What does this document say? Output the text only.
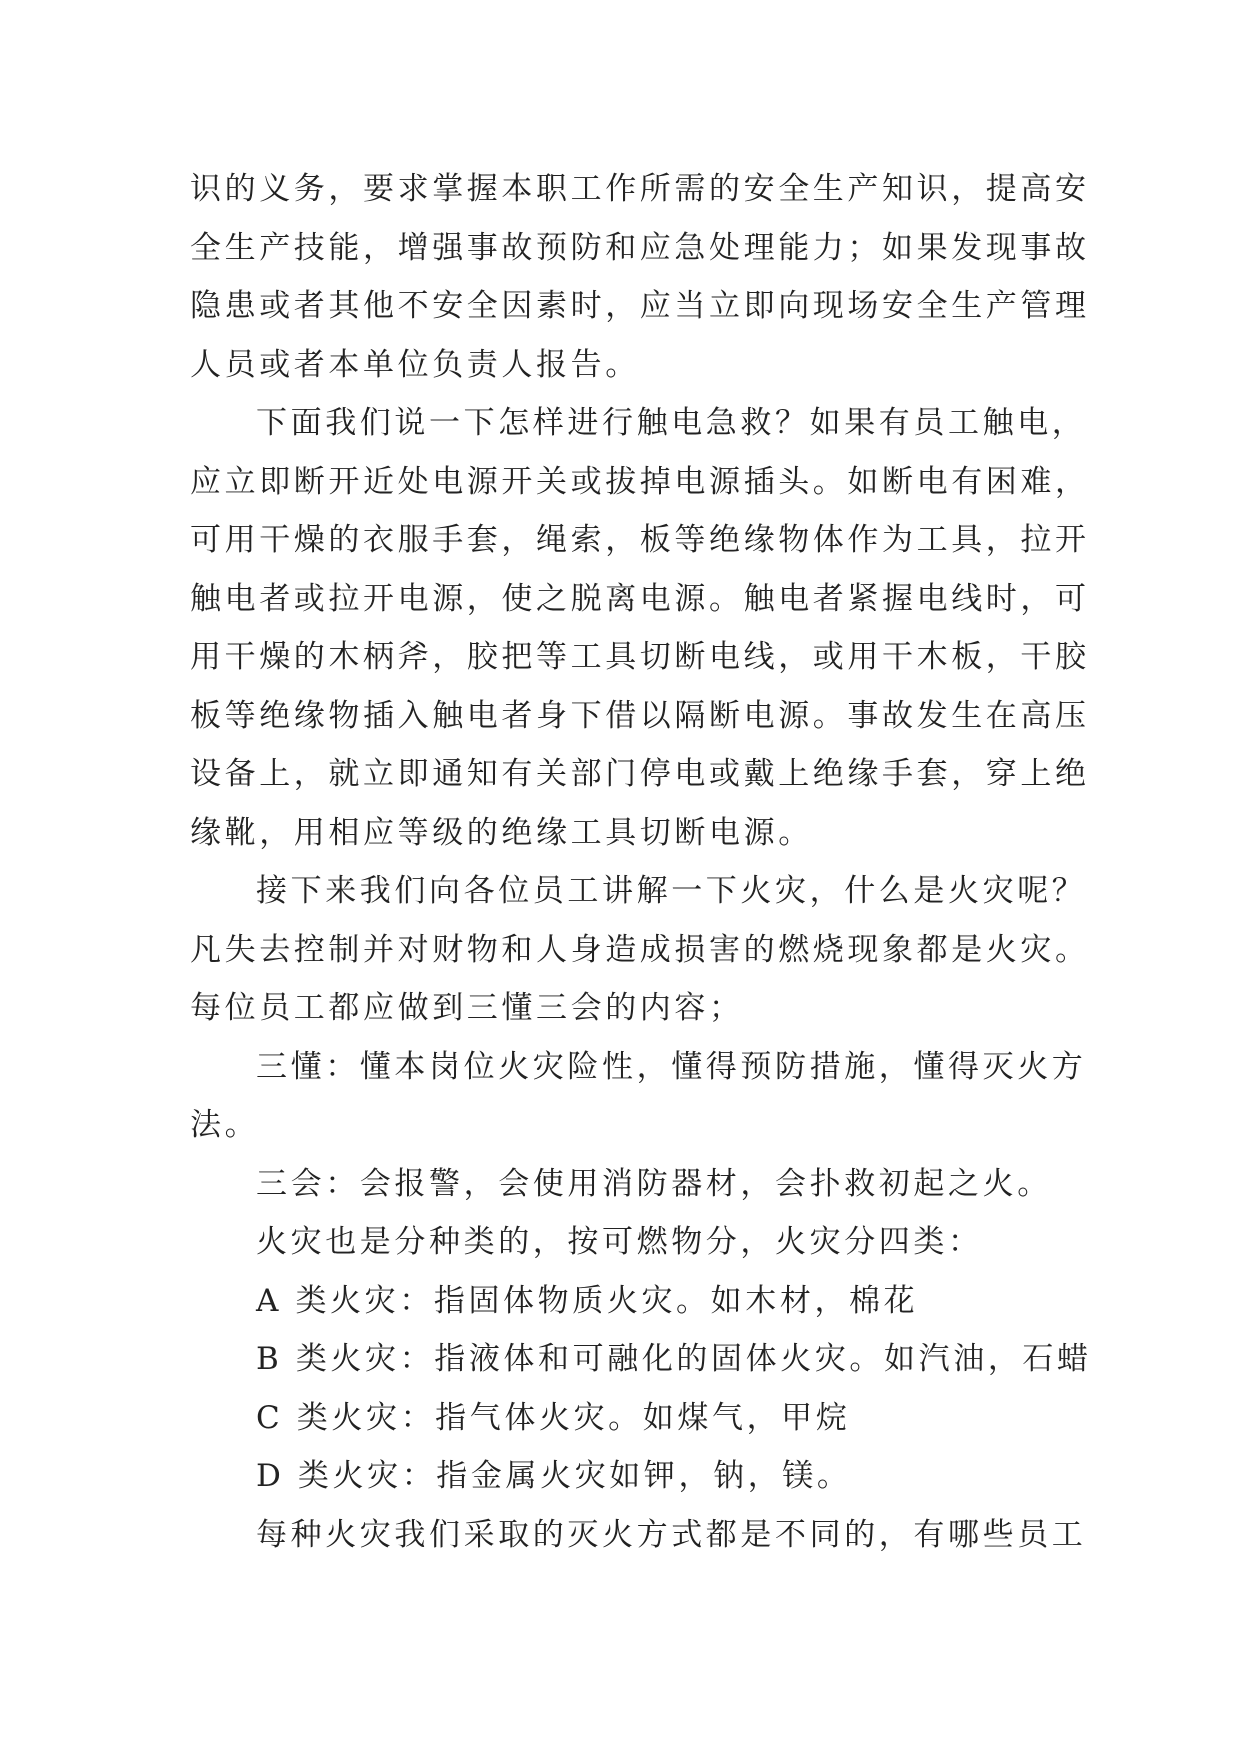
识的义务，要求掌握本职工作所需的安全生产知识，提高安
全生产技能，增强事故预防和应急处理能力；如果发现事故
隐患或者其他不安全因素时，应当立即向现场安全生产管理
人员或者本单位负责人报告。
下面我们说一下怎样进行触电急救？如果有员工触电，
应立即断开近处电源开关或拔掉电源插头。如断电有困难，
可用干燥的衣服手套，绳索，板等绝缘物体作为工具，拉开
触电者或拉开电源，使之脱离电源。触电者紧握电线时，可
用干燥的木柄斧，胶把等工具切断电线，或用干木板，干胶
板等绝缘物插入触电者身下借以隔断电源。事故发生在高压
设备上，就立即通知有关部门停电或戴上绝缘手套，穿上绝
缘靴，用相应等级的绝缘工具切断电源。
接下来我们向各位员工讲解一下火灾，什么是火灾呢？
凡失去控制并对财物和人身造成损害的燃烧现象都是火灾。
每位员工都应做到三懂三会的内容；
三懂：懂本岗位火灾险性，懂得预防措施，懂得灭火方
法。
三会：会报警，会使用消防器材，会扑救初起之火。
火灾也是分种类的，按可燃物分，火灾分四类：
A 类火灾：指固体物质火灾。如木材，棉花
B 类火灾：指液体和可融化的固体火灾。如汽油，石蜡
C 类火灾：指气体火灾。如煤气，甲烷
D 类火灾：指金属火灾如钾，钠，镁。
每种火灾我们采取的灭火方式都是不同的，有哪些员工
